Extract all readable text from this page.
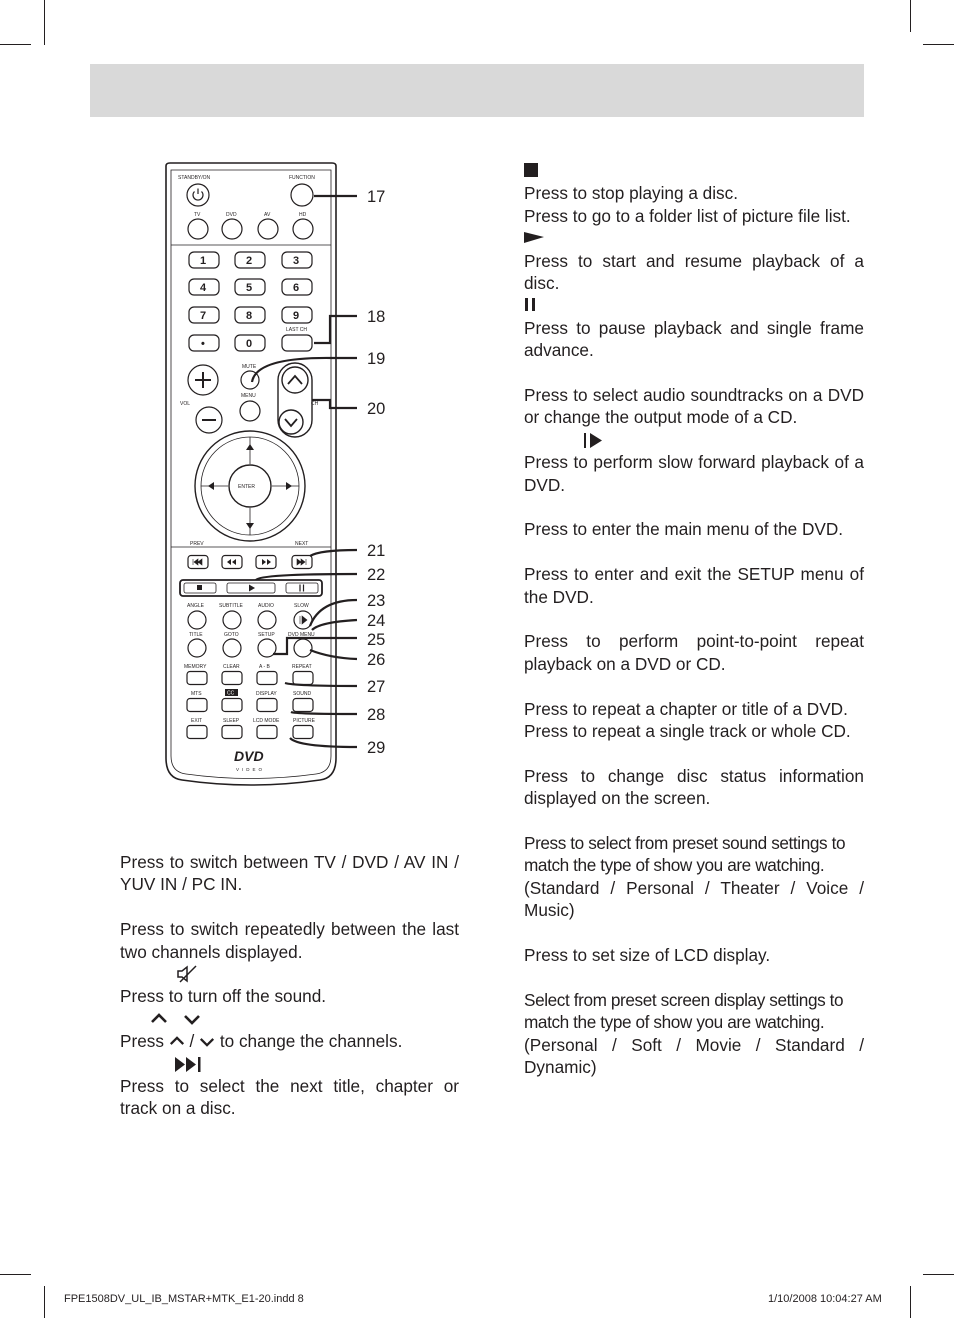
STANDBY/ON	FUNCTION
TV	DVD	AV	HD
1	2	3
4	5	6
7	8	9
•	0
LAST CH
VOL
MUTE
MENU
CH
ENTER
PREV	NEXT
ANGLE	SUBTITLE	AUDIO	SLOW
TITLE	GOTO	SETUP	DVD MENU
MEMORY	CLEAR	A - B	REPEAT
MTS	CC	DISPLAY	SOUND
EXIT	SLEEP	LCD MODE	PICTURE
DVD
VIDEO
17
18
19
20
21
22
23
24
25
26
27
28
29

Press to switch between TV / DVD / AV IN / YUV IN / PC IN.

Press to switch repeatedly between the last two channels displayed.

Press to turn off the sound.

Press / to change the channels.

Press to select the next title, chapter or track on a disc.

Press to stop playing a disc.

Press to go to a folder list of picture file list.

Press to start and resume playback of a disc.

Press to pause playback and single frame advance.

Press to select audio soundtracks on a DVD or change the output mode of a CD.

Press to perform slow forward playback of a DVD.

Press to enter the main menu of the DVD.

Press to enter and exit the SETUP menu of the DVD.

Press to perform point-to-point repeat playback on a DVD or CD.

Press to repeat a chapter or title of a DVD.

Press to repeat a single track or whole CD.

Press to change disc status information displayed on the screen.

Press to select from preset sound settings to match the type of show you are watching.

(Standard / Personal / Theater / Voice / Music)

Press to set size of LCD display.

Select from preset screen display settings to match the type of show you are watching.

(Personal / Soft / Movie / Standard / Dynamic)

FPE1508DV_UL_IB_MSTAR+MTK_E1-20.indd 8	1/10/2008 10:04:27 AM
